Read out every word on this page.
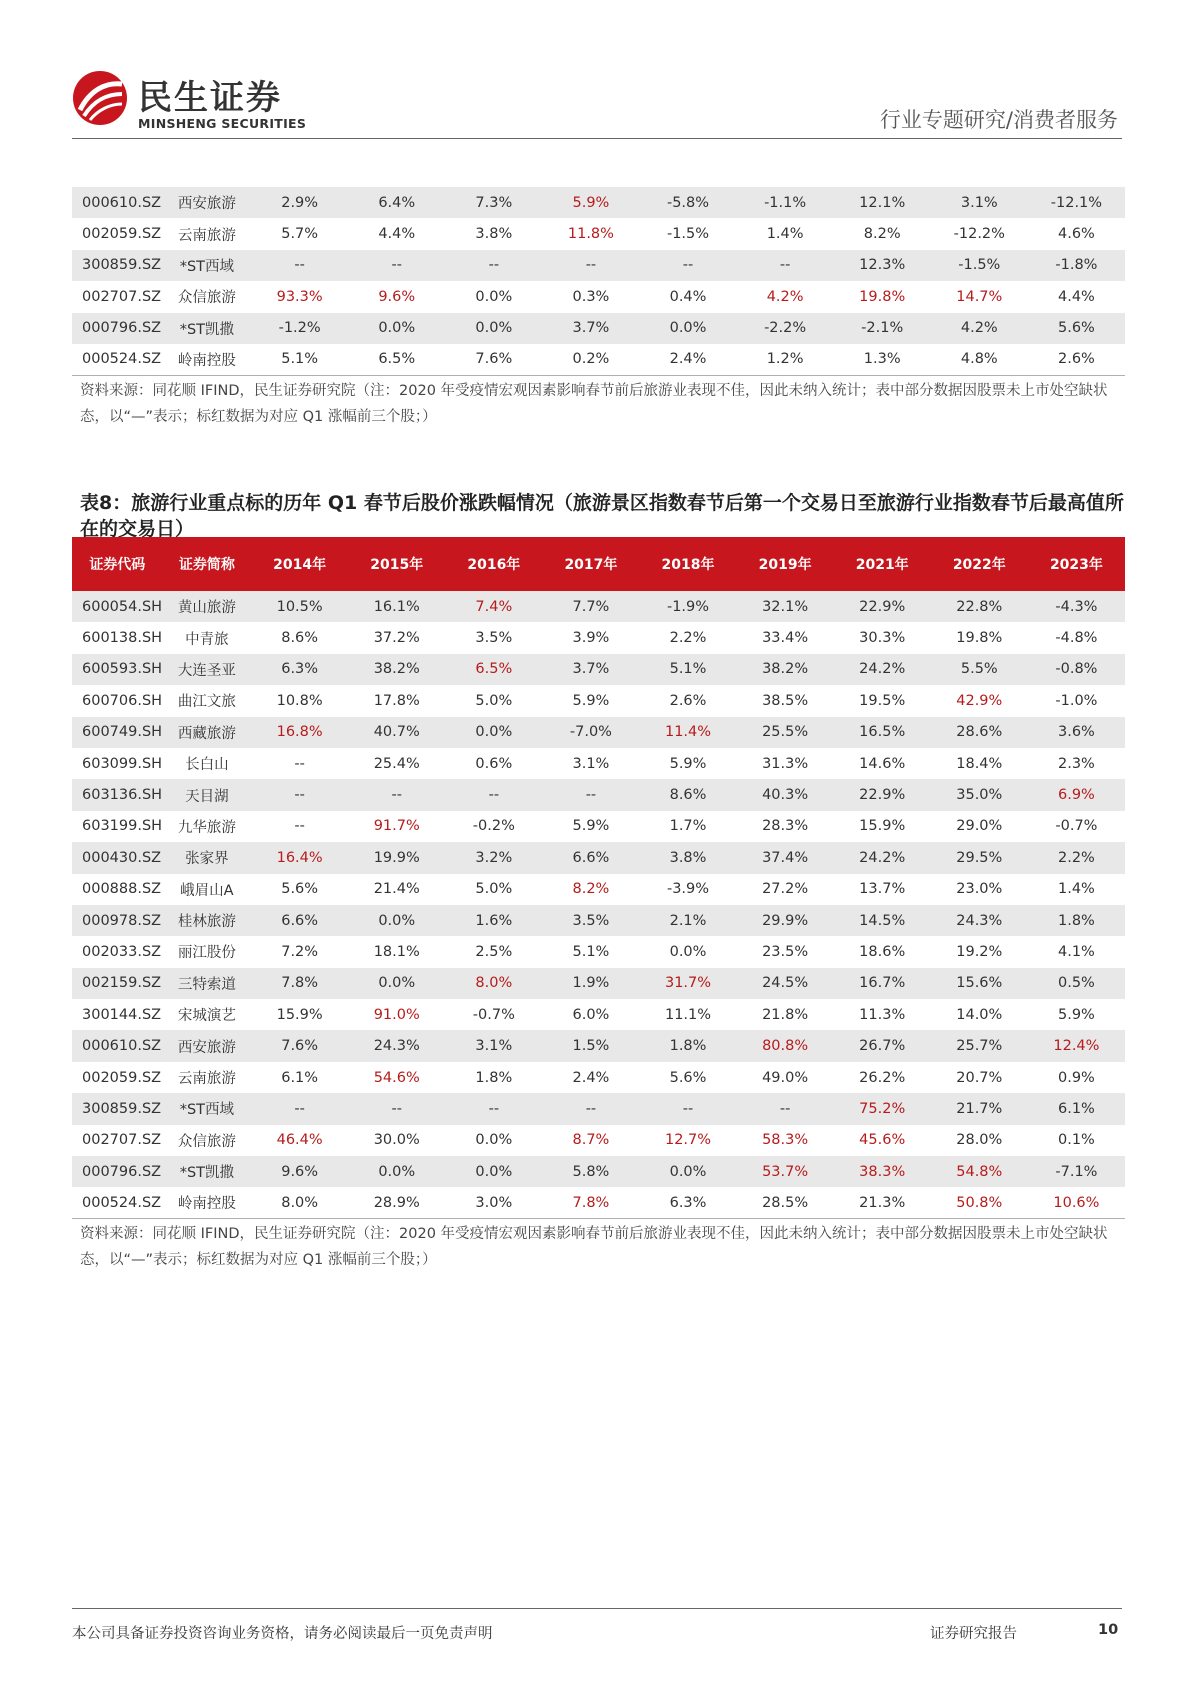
民生证券
MINSHENG SECURITIES	行业专题研究/消费者服务
000610.SZ	西安旅游	2.9%	6.4%	7.3%	5.9%	-5.8%	-1.1%	12.1%	3.1%	-12.1%
002059.SZ	云南旅游	5.7%	4.4%	3.8%	11.8%	-1.5%	1.4%	8.2%	-12.2%	4.6%
300859.SZ	*ST西域	--	--	--	--	--	--	12.3%	-1.5%	-1.8%
002707.SZ	众信旅游	93.3%	9.6%	0.0%	0.3%	0.4%	4.2%	19.8%	14.7%	4.4%
000796.SZ	*ST凯撒	-1.2%	0.0%	0.0%	3.7%	0.0%	-2.2%	-2.1%	4.2%	5.6%
000524.SZ	岭南控股	5.1%	6.5%	7.6%	0.2%	2.4%	1.2%	1.3%	4.8%	2.6%
资料来源：同花顺 IFIND，民生证券研究院（注：2020 年受疫情宏观因素影响春节前后旅游业表现不佳，因此未纳入统计；表中部分数据因股票未上市处空缺状态，以“—”表示；标红数据为对应 Q1 涨幅前三个股；）
表8：旅游行业重点标的历年 Q1 春节后股价涨跌幅情况（旅游景区指数春节后第一个交易日至旅游行业指数春节后最高值所在的交易日）
证券代码	证券简称	2014年	2015年	2016年	2017年	2018年	2019年	2021年	2022年	2023年
600054.SH	黄山旅游	10.5%	16.1%	7.4%	7.7%	-1.9%	32.1%	22.9%	22.8%	-4.3%
600138.SH	中青旅	8.6%	37.2%	3.5%	3.9%	2.2%	33.4%	30.3%	19.8%	-4.8%
600593.SH	大连圣亚	6.3%	38.2%	6.5%	3.7%	5.1%	38.2%	24.2%	5.5%	-0.8%
600706.SH	曲江文旅	10.8%	17.8%	5.0%	5.9%	2.6%	38.5%	19.5%	42.9%	-1.0%
600749.SH	西藏旅游	16.8%	40.7%	0.0%	-7.0%	11.4%	25.5%	16.5%	28.6%	3.6%
603099.SH	长白山	--	25.4%	0.6%	3.1%	5.9%	31.3%	14.6%	18.4%	2.3%
603136.SH	天目湖	--	--	--	--	8.6%	40.3%	22.9%	35.0%	6.9%
603199.SH	九华旅游	--	91.7%	-0.2%	5.9%	1.7%	28.3%	15.9%	29.0%	-0.7%
000430.SZ	张家界	16.4%	19.9%	3.2%	6.6%	3.8%	37.4%	24.2%	29.5%	2.2%
000888.SZ	峨眉山A	5.6%	21.4%	5.0%	8.2%	-3.9%	27.2%	13.7%	23.0%	1.4%
000978.SZ	桂林旅游	6.6%	0.0%	1.6%	3.5%	2.1%	29.9%	14.5%	24.3%	1.8%
002033.SZ	丽江股份	7.2%	18.1%	2.5%	5.1%	0.0%	23.5%	18.6%	19.2%	4.1%
002159.SZ	三特索道	7.8%	0.0%	8.0%	1.9%	31.7%	24.5%	16.7%	15.6%	0.5%
300144.SZ	宋城演艺	15.9%	91.0%	-0.7%	6.0%	11.1%	21.8%	11.3%	14.0%	5.9%
000610.SZ	西安旅游	7.6%	24.3%	3.1%	1.5%	1.8%	80.8%	26.7%	25.7%	12.4%
002059.SZ	云南旅游	6.1%	54.6%	1.8%	2.4%	5.6%	49.0%	26.2%	20.7%	0.9%
300859.SZ	*ST西域	--	--	--	--	--	--	75.2%	21.7%	6.1%
002707.SZ	众信旅游	46.4%	30.0%	0.0%	8.7%	12.7%	58.3%	45.6%	28.0%	0.1%
000796.SZ	*ST凯撒	9.6%	0.0%	0.0%	5.8%	0.0%	53.7%	38.3%	54.8%	-7.1%
000524.SZ	岭南控股	8.0%	28.9%	3.0%	7.8%	6.3%	28.5%	21.3%	50.8%	10.6%
资料来源：同花顺 IFIND，民生证券研究院（注：2020 年受疫情宏观因素影响春节前后旅游业表现不佳，因此未纳入统计；表中部分数据因股票未上市处空缺状态，以“—”表示；标红数据为对应 Q1 涨幅前三个股；）
本公司具备证券投资咨询业务资格，请务必阅读最后一页免责声明	证券研究报告	10
